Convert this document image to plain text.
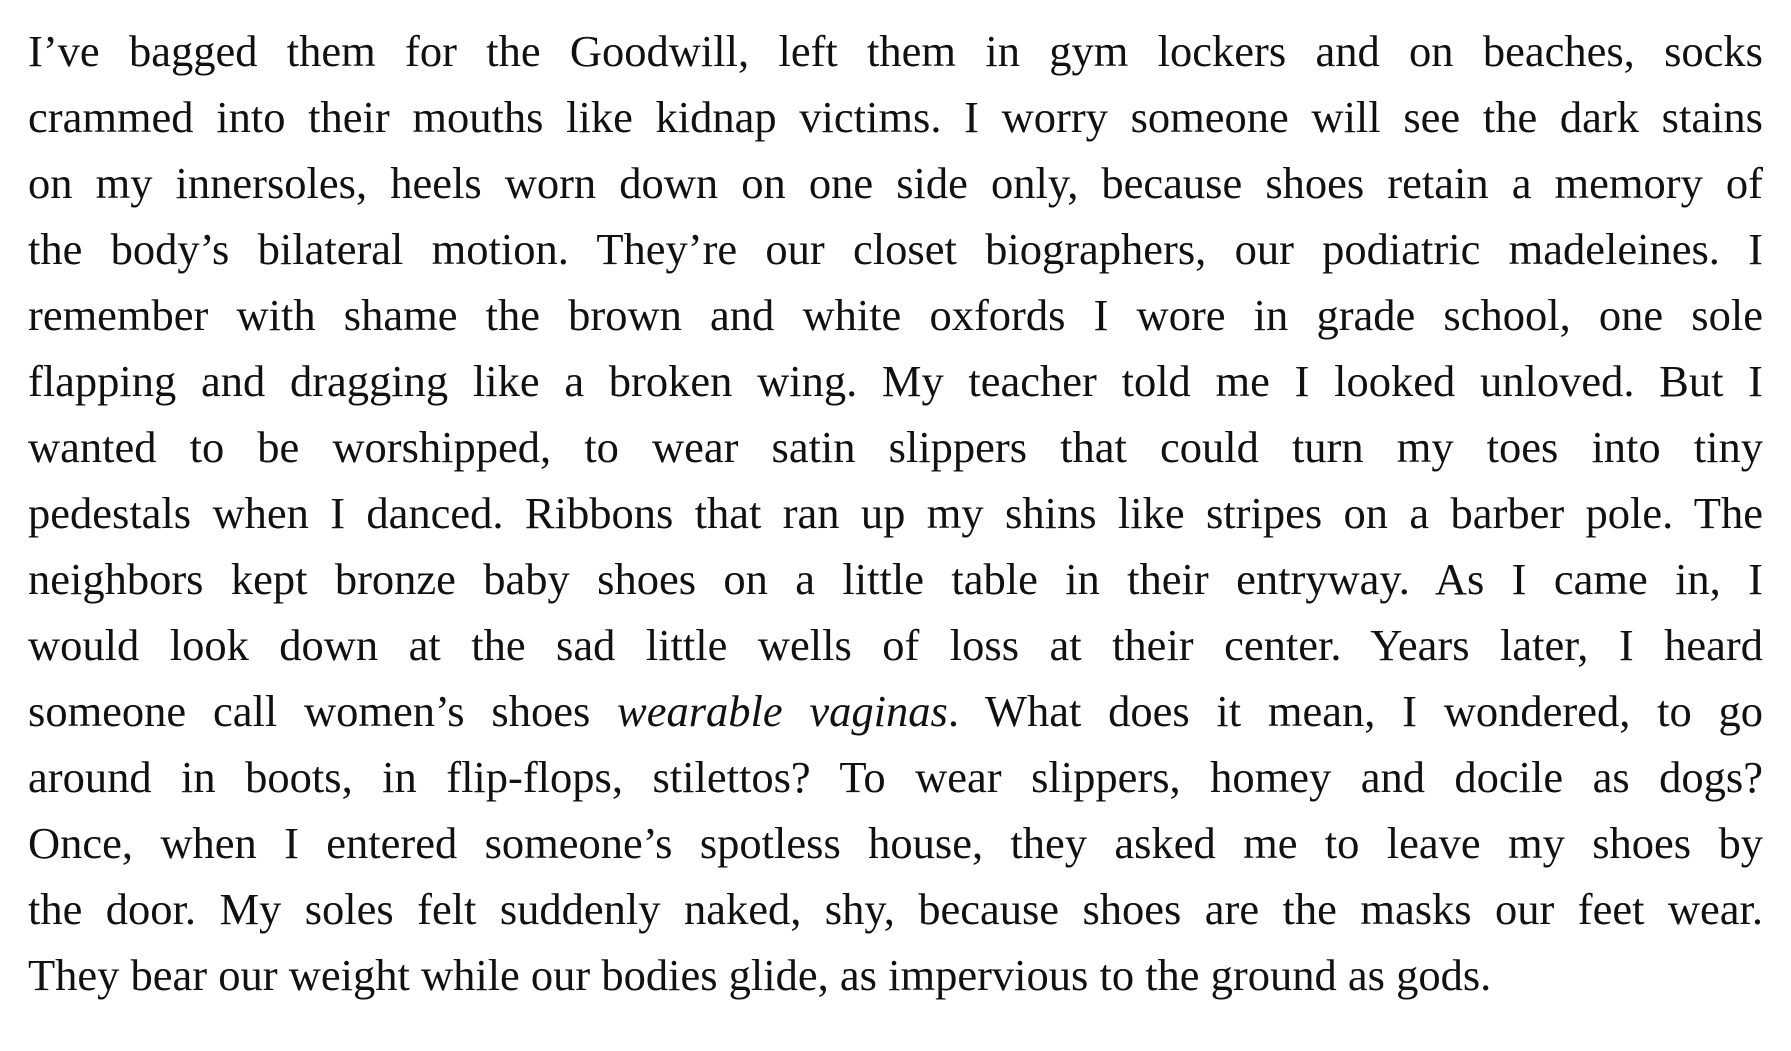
I’ve bagged them for the Goodwill, left them in gym lockers and on beaches, socks
crammed into their mouths like kidnap victims. I worry someone will see the dark stains
on my innersoles, heels worn down on one side only, because shoes retain a memory of
the body’s bilateral motion. They’re our closet biographers, our podiatric madeleines. I
remember with shame the brown and white oxfords I wore in grade school, one sole
flapping and dragging like a broken wing. My teacher told me I looked unloved. But I
wanted to be worshipped, to wear satin slippers that could turn my toes into tiny
pedestals when I danced. Ribbons that ran up my shins like stripes on a barber pole. The
neighbors kept bronze baby shoes on a little table in their entryway. As I came in, I
would look down at the sad little wells of loss at their center. Years later, I heard
someone call women’s shoes wearable vaginas. What does it mean, I wondered, to go
around in boots, in flip-flops, stilettos? To wear slippers, homey and docile as dogs?
Once, when I entered someone’s spotless house, they asked me to leave my shoes by
the door. My soles felt suddenly naked, shy, because shoes are the masks our feet wear.
They bear our weight while our bodies glide, as impervious to the ground as gods.
